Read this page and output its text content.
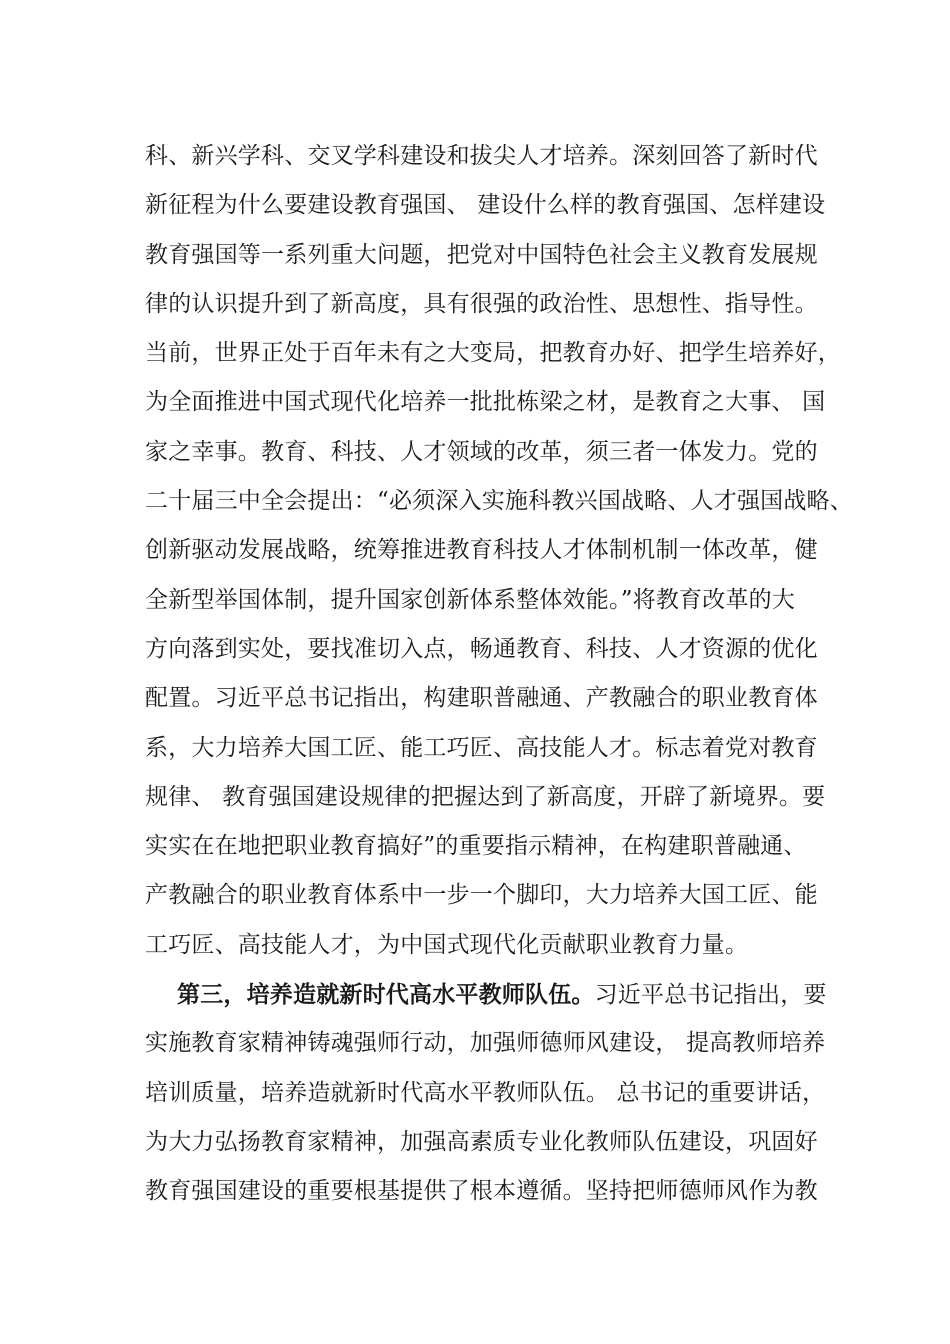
科、新兴学科、交叉学科建设和拔尖人才培养。深刻回答了新时代
新征程为什么要建设教育强国、 建设什么样的教育强国、怎样建设
教育强国等一系列重大问题，把党对中国特色社会主义教育发展规
律的认识提升到了新高度，具有很强的政治性、思想性、指导性。
当前，世界正处于百年未有之大变局，把教育办好、把学生培养好，
为全面推进中国式现代化培养一批批栋梁之材，是教育之大事、 国
家之幸事。教育、科技、人才领域的改革，须三者一体发力。党的
二十届三中全会提出：“必须深入实施科教兴国战略、人才强国战略、
创新驱动发展战略，统筹推进教育科技人才体制机制一体改革，健
全新型举国体制，提升国家创新体系整体效能。”将教育改革的大
方向落到实处，要找准切入点，畅通教育、科技、人才资源的优化
配置。习近平总书记指出，构建职普融通、产教融合的职业教育体
系，大力培养大国工匠、能工巧匠、高技能人才。标志着党对教育
规律、 教育强国建设规律的把握达到了新高度，开辟了新境界。要
实实在在地把职业教育搞好”的重要指示精神，在构建职普融通、
产教融合的职业教育体系中一步一个脚印，大力培养大国工匠、能
工巧匠、高技能人才，为中国式现代化贡献职业教育力量。
第三，培养造就新时代高水平教师队伍。习近平总书记指出，要
实施教育家精神铸魂强师行动，加强师德师风建设， 提高教师培养
培训质量，培养造就新时代高水平教师队伍。 总书记的重要讲话，
为大力弘扬教育家精神，加强高素质专业化教师队伍建设，巩固好
教育强国建设的重要根基提供了根本遵循。坚持把师德师风作为教
